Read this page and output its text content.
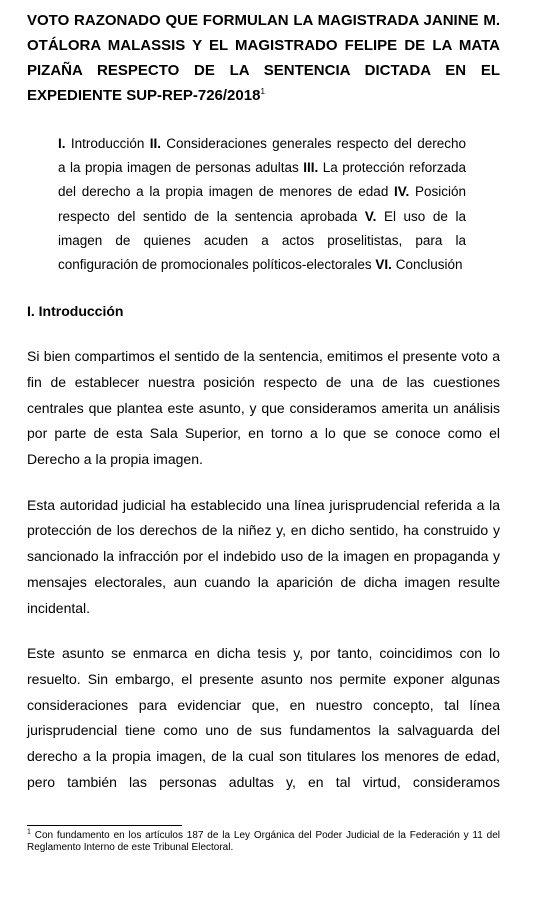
VOTO RAZONADO QUE FORMULAN LA MAGISTRADA JANINE M. OTÁLORA MALASSIS Y EL MAGISTRADO FELIPE DE LA MATA PIZAÑA RESPECTO DE LA SENTENCIA DICTADA EN EL EXPEDIENTE SUP-REP-726/2018$^1$
I. Introducción II. Consideraciones generales respecto del derecho a la propia imagen de personas adultas III. La protección reforzada del derecho a la propia imagen de menores de edad IV. Posición respecto del sentido de la sentencia aprobada V. El uso de la imagen de quienes acuden a actos proselitistas, para la configuración de promocionales políticos-electorales VI. Conclusión
I. Introducción

Si bien compartimos el sentido de la sentencia, emitimos el presente voto a fin de establecer nuestra posición respecto de una de las cuestiones centrales que plantea este asunto, y que consideramos amerita un análisis por parte de esta Sala Superior, en torno a lo que se conoce como el Derecho a la propia imagen.

Esta autoridad judicial ha establecido una línea jurisprudencial referida a la protección de los derechos de la niñez y, en dicho sentido, ha construido y sancionado la infracción por el indebido uso de la imagen en propaganda y mensajes electorales, aun cuando la aparición de dicha imagen resulte incidental.

Este asunto se enmarca en dicha tesis y, por tanto, coincidimos con lo resuelto. Sin embargo, el presente asunto nos permite exponer algunas consideraciones para evidenciar que, en nuestro concepto, tal línea jurisprudencial tiene como uno de sus fundamentos la salvaguarda del derecho a la propia imagen, de la cual son titulares los menores de edad, pero también las personas adultas y, en tal virtud, consideramos

$^1$ Con fundamento en los artículos 187 de la Ley Orgánica del Poder Judicial de la Federación y 11 del Reglamento Interno de este Tribunal Electoral.
